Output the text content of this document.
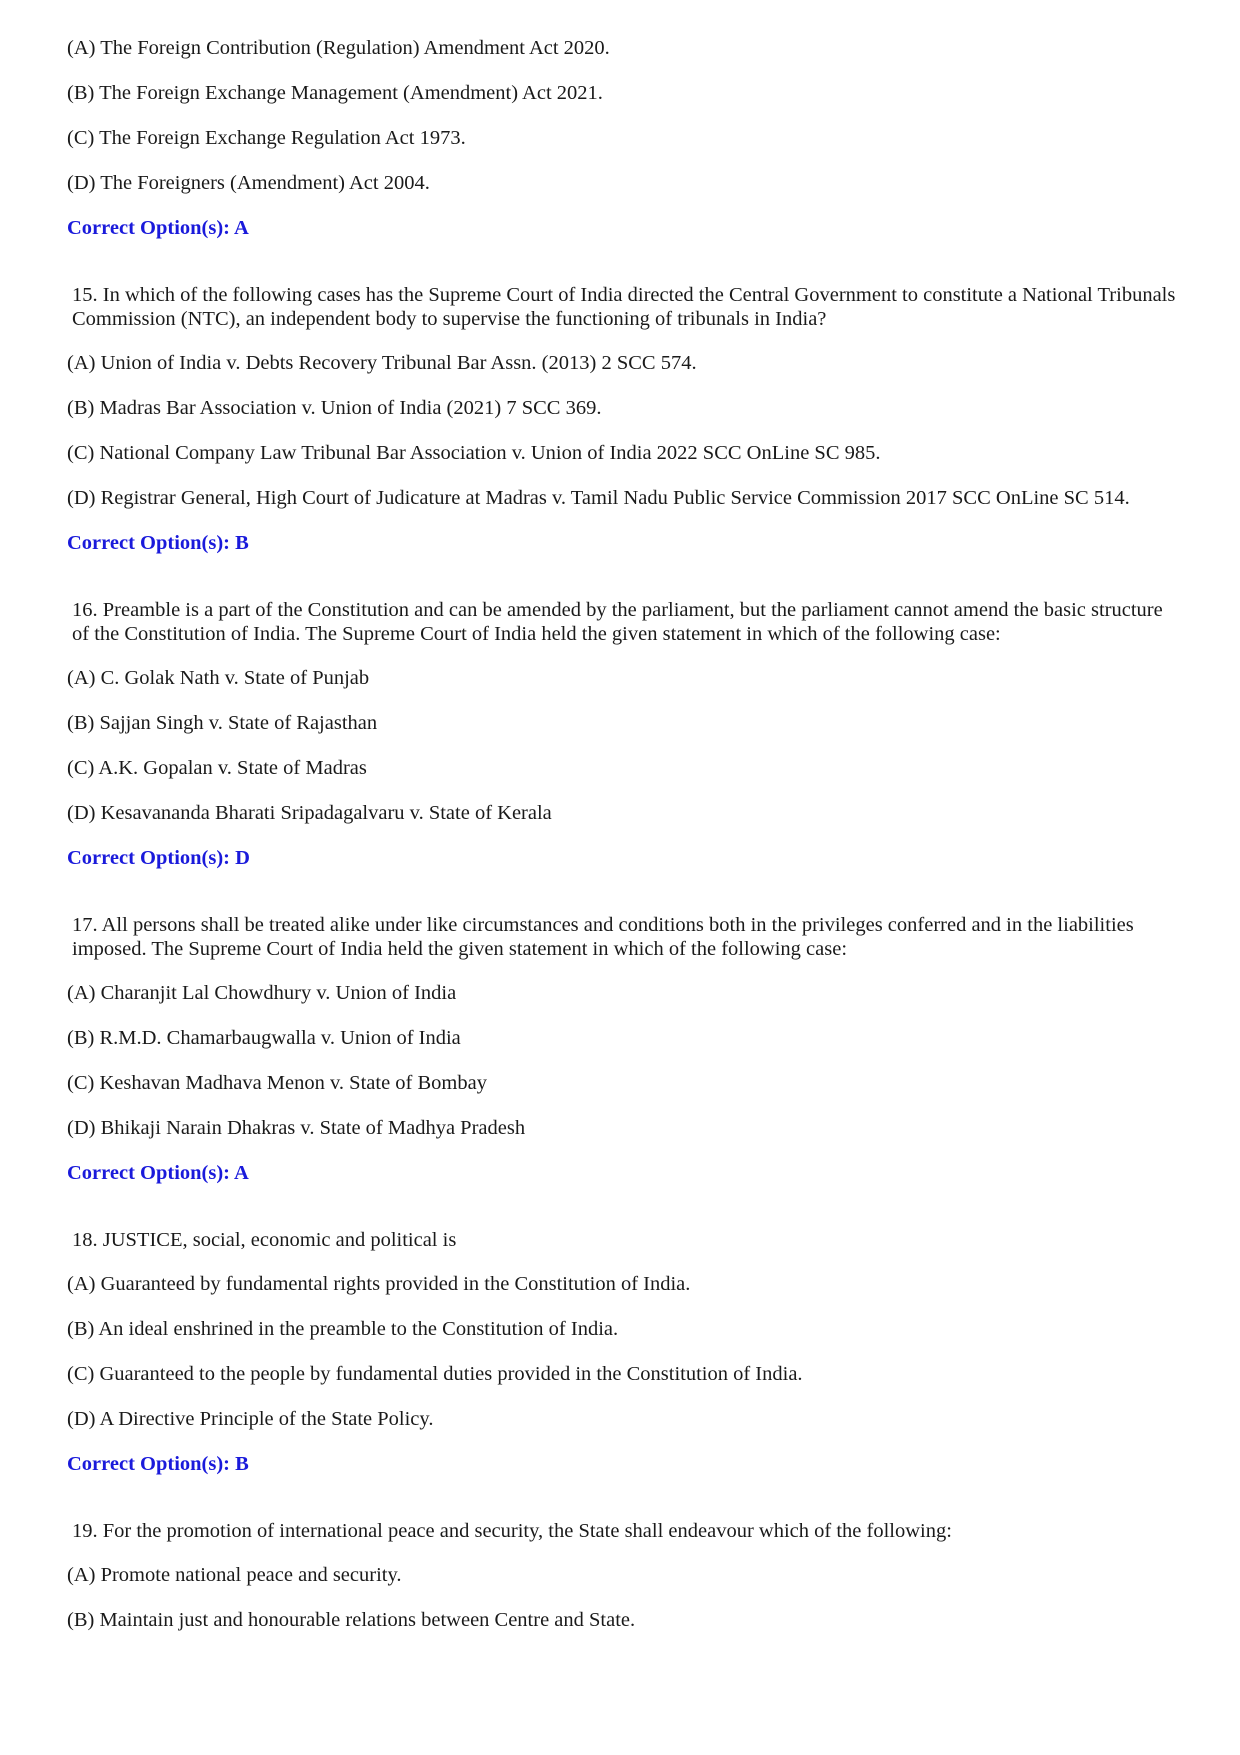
(A) The Foreign Contribution (Regulation) Amendment Act 2020.

(B) The Foreign Exchange Management (Amendment) Act 2021.

(C) The Foreign Exchange Regulation Act 1973.

(D) The Foreigners (Amendment) Act 2004.

Correct Option(s): A

15. In which of the following cases has the Supreme Court of India directed the Central Government to constitute a National Tribunals Commission (NTC), an independent body to supervise the functioning of tribunals in India?

(A) Union of India v. Debts Recovery Tribunal Bar Assn. (2013) 2 SCC 574.

(B) Madras Bar Association v. Union of India (2021) 7 SCC 369.

(C) National Company Law Tribunal Bar Association v. Union of India 2022 SCC OnLine SC 985.

(D) Registrar General, High Court of Judicature at Madras v. Tamil Nadu Public Service Commission 2017 SCC OnLine SC 514.

Correct Option(s): B

16. Preamble is a part of the Constitution and can be amended by the parliament, but the parliament cannot amend the basic structure of the Constitution of India. The Supreme Court of India held the given statement in which of the following case:

(A) C. Golak Nath v. State of Punjab

(B) Sajjan Singh v. State of Rajasthan

(C) A.K. Gopalan v. State of Madras

(D) Kesavananda Bharati Sripadagalvaru v. State of Kerala

Correct Option(s): D

17. All persons shall be treated alike under like circumstances and conditions both in the privileges conferred and in the liabilities imposed. The Supreme Court of India held the given statement in which of the following case:

(A) Charanjit Lal Chowdhury v. Union of India

(B) R.M.D. Chamarbaugwalla v. Union of India

(C) Keshavan Madhava Menon v. State of Bombay

(D) Bhikaji Narain Dhakras v. State of Madhya Pradesh

Correct Option(s): A

18. JUSTICE, social, economic and political is

(A) Guaranteed by fundamental rights provided in the Constitution of India.

(B) An ideal enshrined in the preamble to the Constitution of India.

(C) Guaranteed to the people by fundamental duties provided in the Constitution of India.

(D) A Directive Principle of the State Policy.

Correct Option(s): B

19. For the promotion of international peace and security, the State shall endeavour which of the following:

(A) Promote national peace and security.

(B) Maintain just and honourable relations between Centre and State.
